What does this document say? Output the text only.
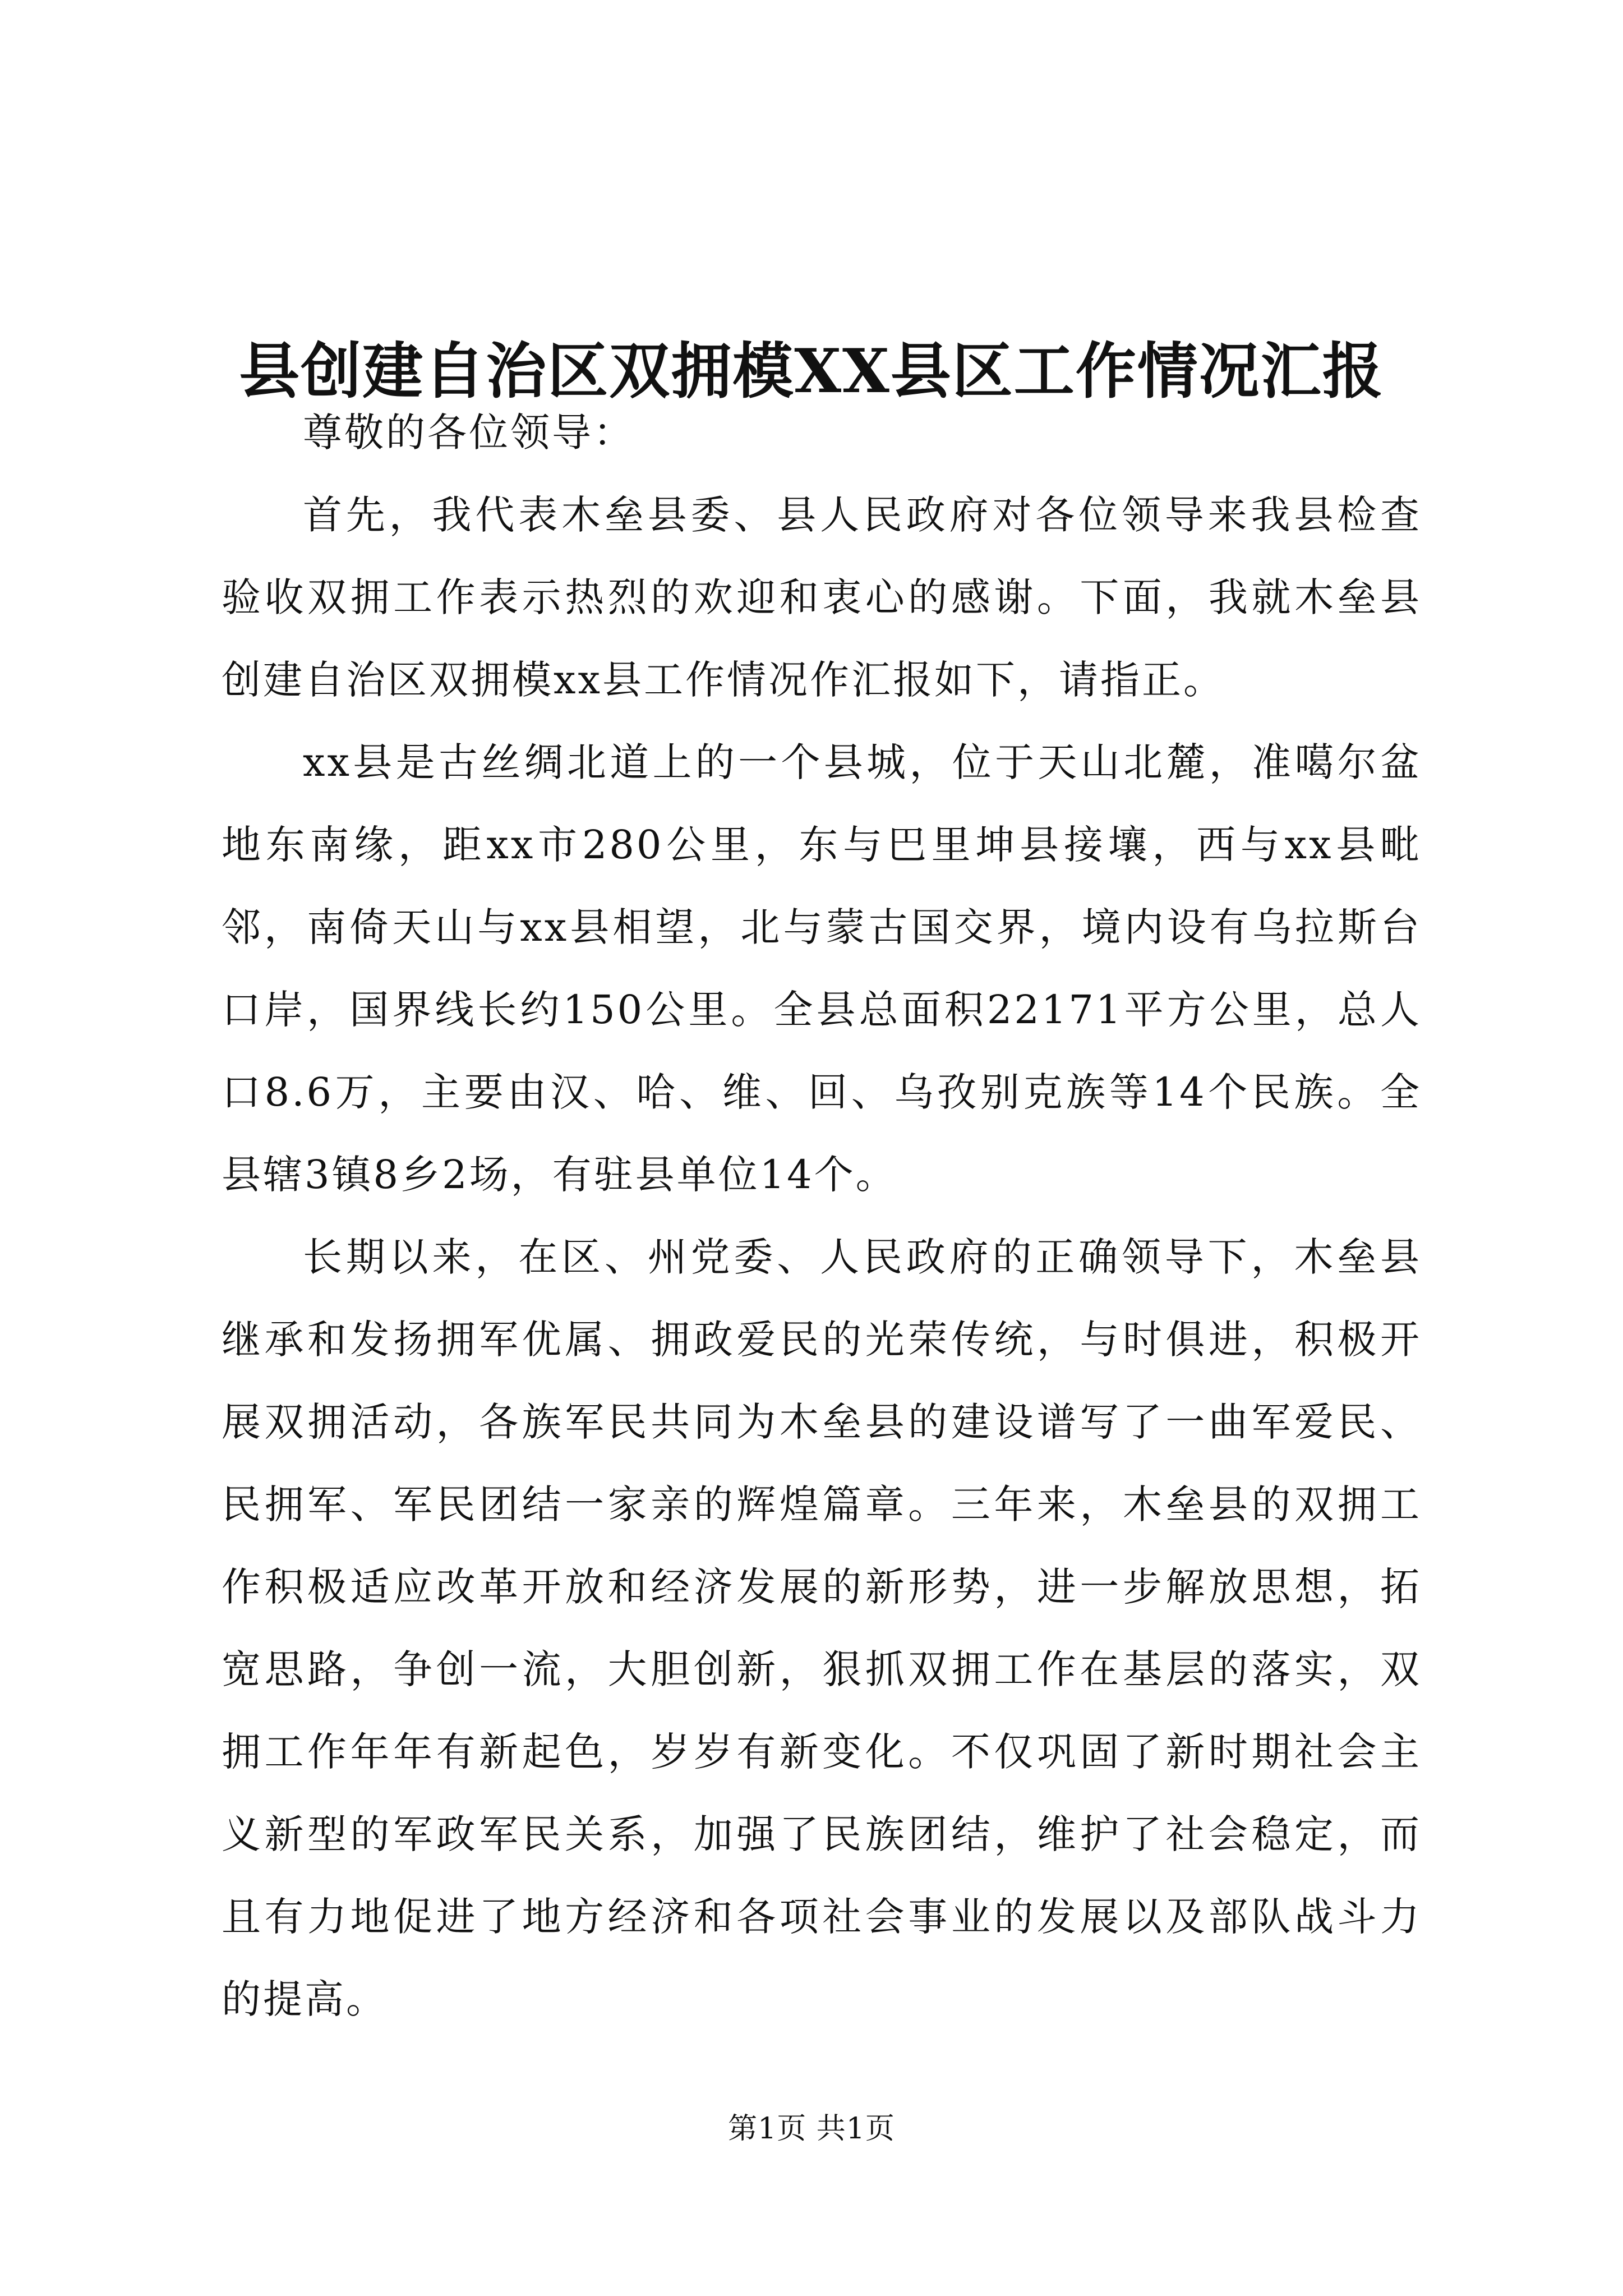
县创建自治区双拥模XX县区工作情况汇报

尊敬的各位领导：

首先，我代表木垒县委、县人民政府对各位领导来我县检查验收双拥工作表示热烈的欢迎和衷心的感谢。下面，我就木垒县创建自治区双拥模xx县工作情况作汇报如下，请指正。

xx县是古丝绸北道上的一个县城，位于天山北麓，准噶尔盆地东南缘，距xx市280公里，东与巴里坤县接壤，西与xx县毗邻，南倚天山与xx县相望，北与蒙古国交界，境内设有乌拉斯台口岸，国界线长约150公里。全县总面积22171平方公里，总人口8.6万，主要由汉、哈、维、回、乌孜别克族等14个民族。全县辖3镇8乡2场，有驻县单位14个。

长期以来，在区、州党委、人民政府的正确领导下，木垒县继承和发扬拥军优属、拥政爱民的光荣传统，与时俱进，积极开展双拥活动，各族军民共同为木垒县的建设谱写了一曲军爱民、民拥军、军民团结一家亲的辉煌篇章。三年来，木垒县的双拥工作积极适应改革开放和经济发展的新形势，进一步解放思想，拓宽思路，争创一流，大胆创新，狠抓双拥工作在基层的落实，双拥工作年年有新起色，岁岁有新变化。不仅巩固了新时期社会主义新型的军政军民关系，加强了民族团结，维护了社会稳定，而且有力地促进了地方经济和各项社会事业的发展以及部队战斗力的提高。

第1页 共1页
